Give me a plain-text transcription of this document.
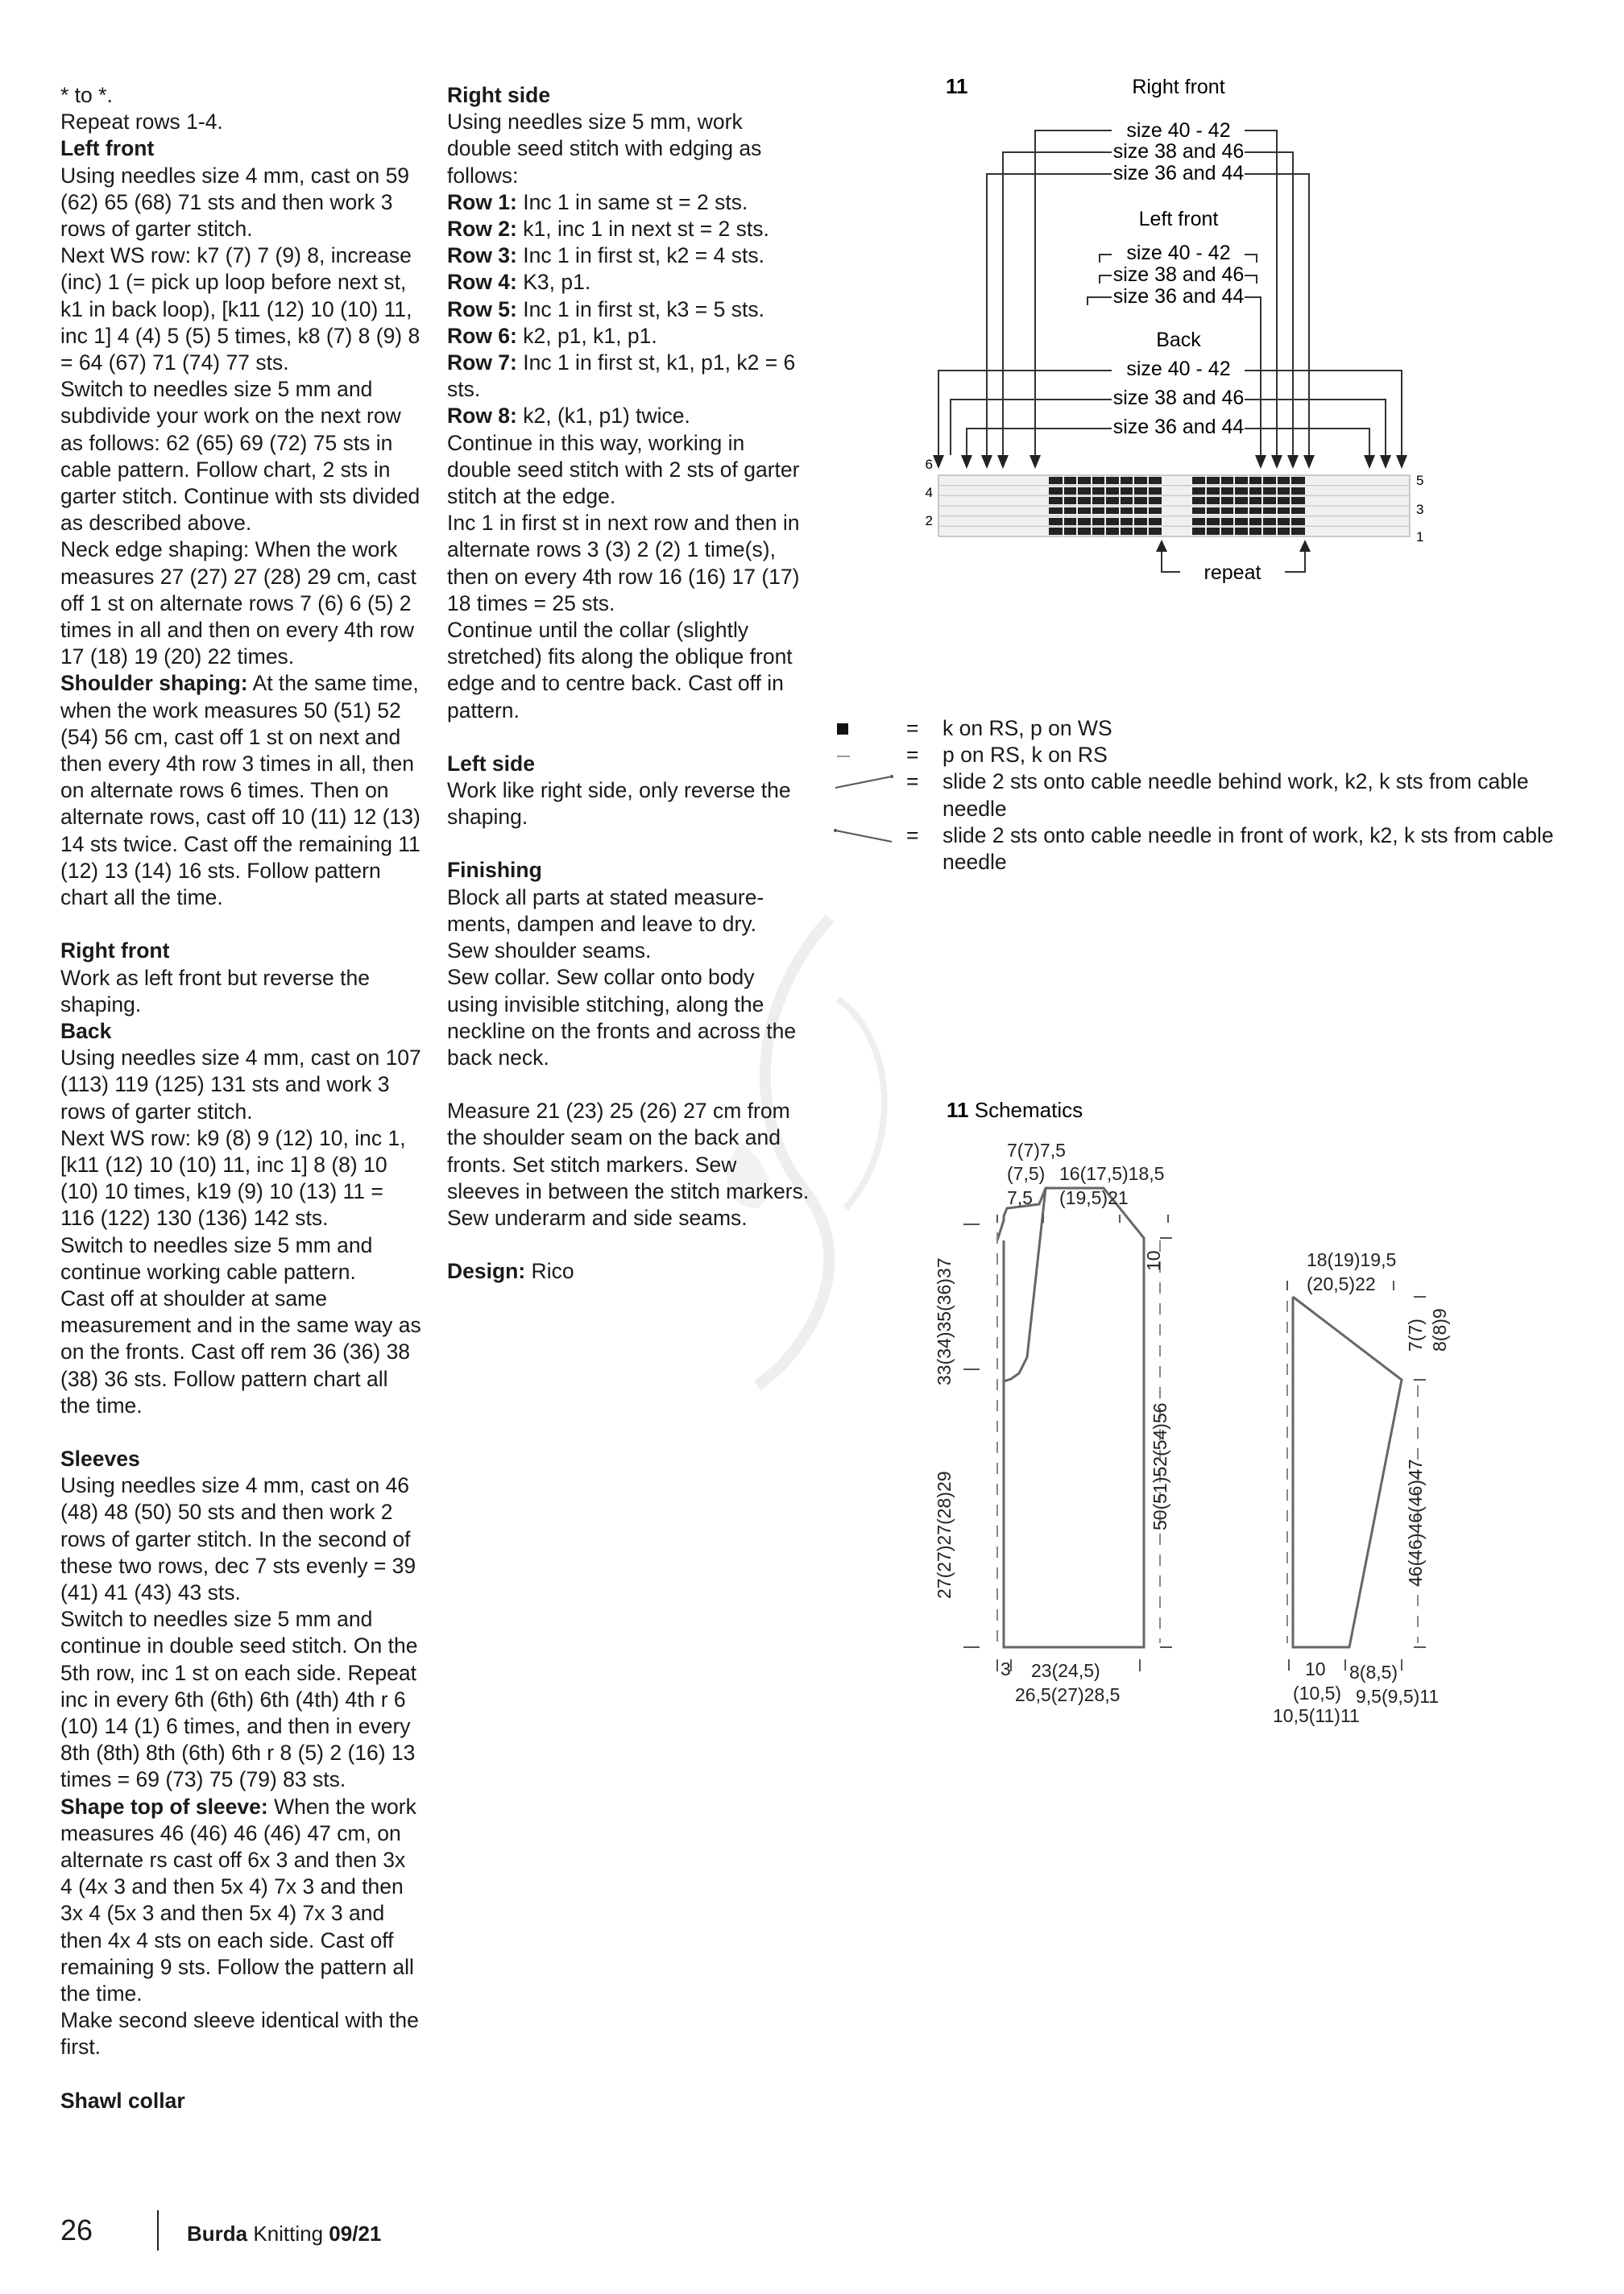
* to *.

Repeat rows 1-4.

Left front

Using needles size 4 mm, cast on 59 (62) 65 (68) 71 sts and then work 3 rows of garter stitch.

Next WS row: k7 (7) 7 (9) 8, increase (inc) 1 (= pick up loop before next st, k1 in back loop), [k11 (12) 10 (10) 11, inc 1] 4 (4) 5 (5) 5 times, k8 (7) 8 (9) 8 = 64 (67) 71 (74) 77 sts.

Switch to needles size 5 mm and subdivide your work on the next row as follows: 62 (65) 69 (72) 75 sts in cable pattern. Follow chart, 2 sts in garter stitch. Continue with sts divided as described above.

Neck edge shaping: When the work measures 27 (27) 27 (28) 29 cm, cast off 1 st on alternate rows 7 (6) 6 (5) 2 times in all and then on every 4th row 17 (18) 19 (20) 22 times.

Shoulder shaping: At the same time, when the work measures 50 (51) 52 (54) 56 cm, cast off 1 st on next and then every 4th row 3 times in all, then on alternate rows 6 times. Then on alternate rows, cast off 10 (11) 12 (13) 14 sts twice. Cast off the remaining 11 (12) 13 (14) 16 sts. Follow pattern chart all the time.

Right front

Work as left front but reverse the shaping.

Back

Using needles size 4 mm, cast on 107 (113) 119 (125) 131 sts and work 3 rows of garter stitch.

Next WS row: k9 (8) 9 (12) 10, inc 1, [k11 (12) 10 (10) 11, inc 1] 8 (8) 10 (10) 10 times, k19 (9) 10 (13) 11 = 116 (122) 130 (136) 142 sts.

Switch to needles size 5 mm and continue working cable pattern.

Cast off at shoulder at same measurement and in the same way as on the fronts. Cast off rem 36 (36) 38 (38) 36 sts. Follow pattern chart all the time.

Sleeves

Using needles size 4 mm, cast on 46 (48) 48 (50) 50 sts and then work 2 rows of garter stitch. In the second of these two rows, dec 7 sts evenly = 39 (41) 41 (43) 43 sts.

Switch to needles size 5 mm and continue in double seed stitch. On the 5th row, inc 1 st on each side. Repeat inc in every 6th (6th) 6th (4th) 4th r 6 (10) 14 (1) 6 times, and then in every 8th (8th) 8th (6th) 6th r 8 (5) 2 (16) 13 times = 69 (73) 75 (79) 83 sts.

Shape top of sleeve: When the work measures 46 (46) 46 (46) 47 cm, on alternate rs cast off 6x 3 and then 3x 4 (4x 3 and then 5x 4) 7x 3 and then 3x 4 (5x 3 and then 5x 4) 7x 3 and then 4x 4 sts on each side. Cast off remaining 9 sts. Follow the pattern all the time.

Make second sleeve identical with the first.

Shawl collar

Right side

Using needles size 5 mm, work double seed stitch with edging as follows:

Row 1: Inc 1 in same st = 2 sts.

Row 2: k1, inc 1 in next st = 2 sts.

Row 3: Inc 1 in first st, k2 = 4 sts.

Row 4: K3, p1.

Row 5: Inc 1 in first st, k3 = 5 sts.

Row 6: k2, p1, k1, p1.

Row 7: Inc 1 in first st, k1, p1, k2 = 6 sts.

Row 8: k2, (k1, p1) twice.

Continue in this way, working in double seed stitch with 2 sts of garter stitch at the edge.

Inc 1 in first st in next row and then in alternate rows 3 (3) 2 (2) 1 time(s), then on every 4th row 16 (16) 17 (17) 18 times = 25 sts.

Continue until the collar (slightly stretched) fits along the oblique front edge and to centre back. Cast off in pattern.

Left side

Work like right side, only reverse the shaping.

Finishing

Block all parts at stated measure-ments, dampen and leave to dry.

Sew shoulder seams.

Sew collar. Sew collar onto body using invisible stitching, along the neckline on the fronts and across the back neck.

Measure 21 (23) 25 (26) 27 cm from the shoulder seam on the back and fronts. Set stitch markers. Sew sleeves in between the stitch markers. Sew underarm and side seams.

Design: Rico

11	Right front
size 40 - 42
size 38 and 46
size 36 and 44
Left front
size 40 - 42
size 38 and 46
size 36 and 44
Back
size 40 - 42
size 38 and 46
size 36 and 44
6
4
2
5
3
1
repeat
= k on RS, p on WS
= p on RS, k on RS
= slide 2 sts onto cable needle behind work, k2, k sts from cable needle
= slide 2 sts onto cable needle in front of work, k2, k sts from cable needle
11 Schematics
7(7)7,5
(7,5) 16(17,5)18,5
7,5 (19,5)21
10
33(34)35(36)37
27(27)27(28)29
50(51)52(54)56
3 23(24,5)
26,5(27)28,5
18(19)19,5
(20,5)22
7(7) 8(8)9
46(46)46(46)47
10 8(8,5)
(10,5) 9,5(9,5)11
10,5(11)11
26	Burda Knitting 09/21
